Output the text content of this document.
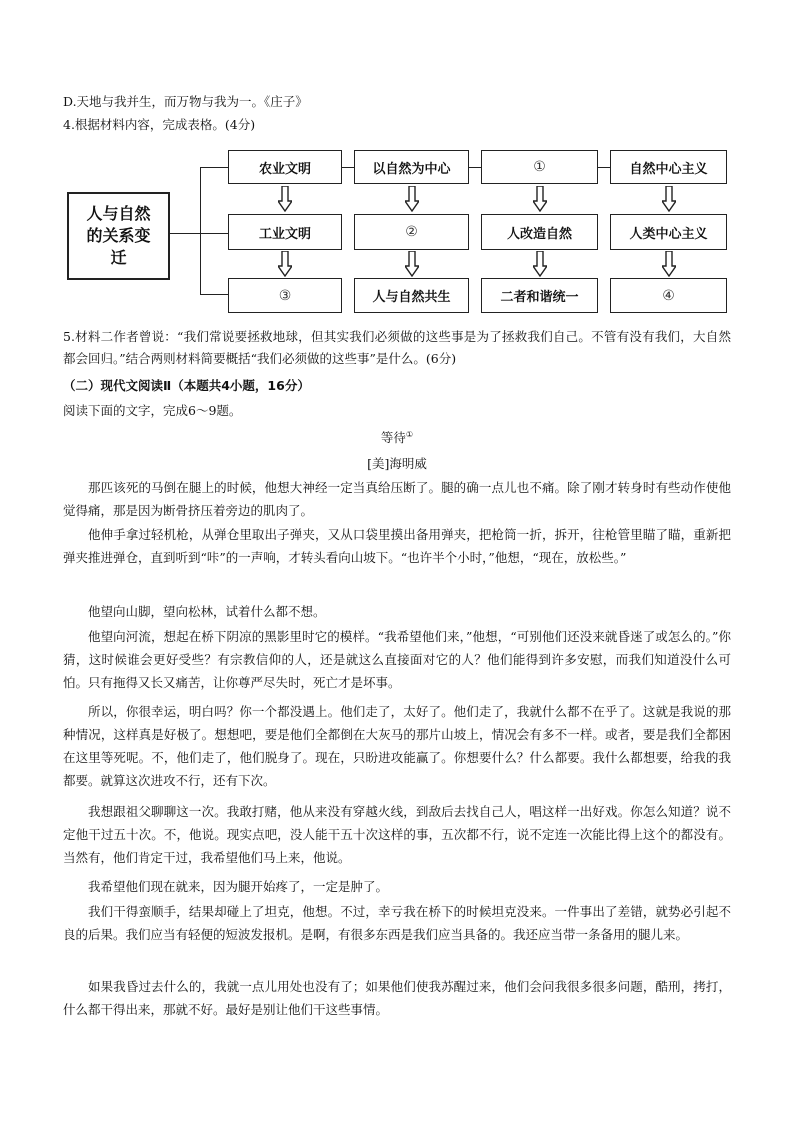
D.天地与我并生，而万物与我为一。《庄子》
4.根据材料内容，完成表格。(4分)
人与自然的关系变迁
农业文明	以自然为中心	①	自然中心主义
工业文明	②	人改造自然	人类中心主义
③	人与自然共生	二者和谐统一	④
5.材料二作者曾说：“我们常说要拯救地球，但其实我们必须做的这些事是为了拯救我们自己。不管有没有我们，大自然都会回归。”结合两则材料简要概括“我们必须做的这些事”是什么。(6分)
（二）现代文阅读Ⅱ（本题共4小题，16分）
阅读下面的文字，完成6～9题。
等待①
[美]海明威
那匹该死的马倒在腿上的时候，他想大神经一定当真给压断了。腿的确一点儿也不痛。除了刚才转身时有些动作使他觉得痛，那是因为断骨挤压着旁边的肌肉了。
他伸手拿过轻机枪，从弹仓里取出子弹夹，又从口袋里摸出备用弹夹，把枪筒一折，拆开，往枪管里瞄了瞄，重新把弹夹推进弹仓，直到听到“咔”的一声响，才转头看向山坡下。“也许半个小时，”他想，“现在，放松些。”
他望向山脚，望向松林，试着什么都不想。
他望向河流，想起在桥下阴凉的黑影里时它的模样。“我希望他们来，”他想，“可别他们还没来就昏迷了或怎么的。”你猜，这时候谁会更好受些？有宗教信仰的人，还是就这么直接面对它的人？他们能得到许多安慰，而我们知道没什么可怕。只有拖得又长又痛苦，让你尊严尽失时，死亡才是坏事。
所以，你很幸运，明白吗？你一个都没遇上。他们走了，太好了。他们走了，我就什么都不在乎了。这就是我说的那种情况，这样真是好极了。想想吧，要是他们全都倒在大灰马的那片山坡上，情况会有多不一样。或者，要是我们全都困在这里等死呢。不，他们走了，他们脱身了。现在，只盼进攻能赢了。你想要什么？什么都要。我什么都想要，给我的我都要。就算这次进攻不行，还有下次。
我想跟祖父聊聊这一次。我敢打赌，他从来没有穿越火线，到敌后去找自己人，唱这样一出好戏。你怎么知道？说不定他干过五十次。不，他说。现实点吧，没人能干五十次这样的事，五次都不行，说不定连一次能比得上这个的都没有。当然有，他们肯定干过，我希望他们马上来，他说。
我希望他们现在就来，因为腿开始疼了，一定是肿了。
我们干得蛮顺手，结果却碰上了坦克，他想。不过，幸亏我在桥下的时候坦克没来。一件事出了差错，就势必引起不良的后果。我们应当有轻便的短波发报机。是啊，有很多东西是我们应当具备的。我还应当带一条备用的腿儿来。
如果我昏过去什么的，我就一点儿用处也没有了；如果他们使我苏醒过来，他们会问我很多很多问题，酷刑，拷打，什么都干得出来，那就不好。最好是别让他们干这些事情。
